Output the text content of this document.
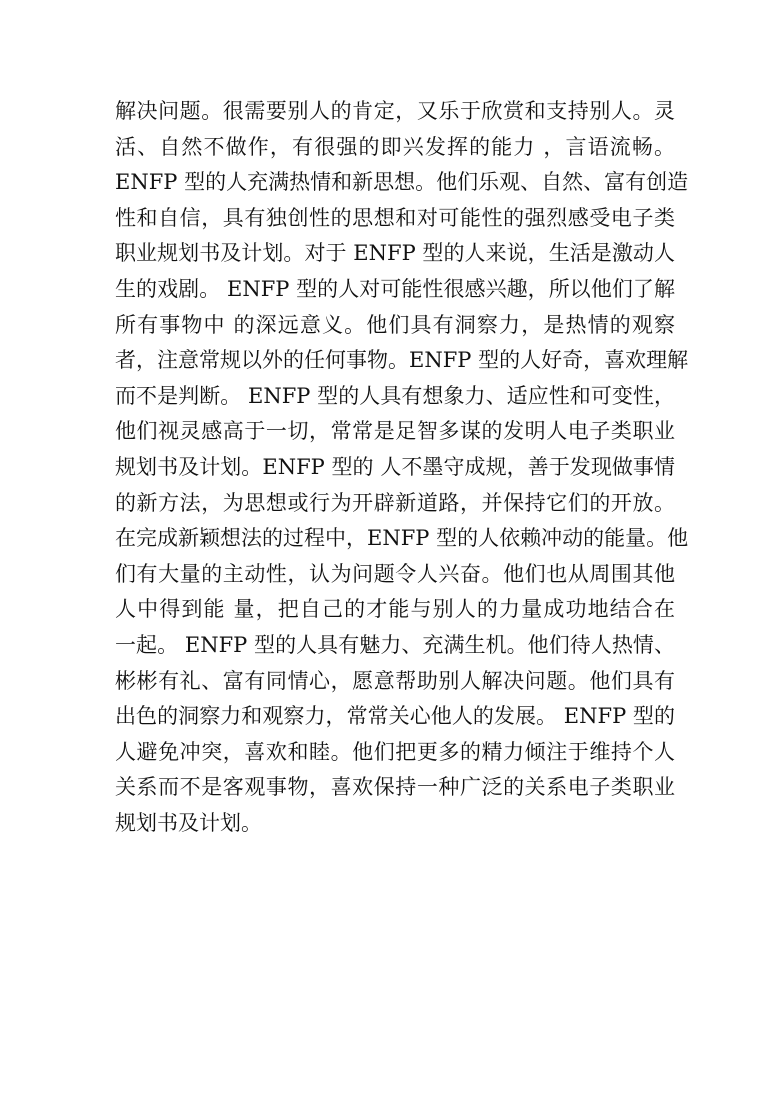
解决问题。很需要别人的肯定，又乐于欣赏和支持别人。灵
活、自然不做作，有很强的即兴发挥的能力 ，言语流畅。
ENFP 型的人充满热情和新思想。他们乐观、自然、富有创造
性和自信，具有独创性的思想和对可能性的强烈感受电子类
职业规划书及计划。对于 ENFP 型的人来说，生活是激动人
生的戏剧。 ENFP 型的人对可能性很感兴趣，所以他们了解
所有事物中 的深远意义。他们具有洞察力，是热情的观察
者，注意常规以外的任何事物。ENFP 型的人好奇，喜欢理解
而不是判断。 ENFP 型的人具有想象力、适应性和可变性，
他们视灵感高于一切，常常是足智多谋的发明人电子类职业
规划书及计划。ENFP 型的 人不墨守成规，善于发现做事情
的新方法，为思想或行为开辟新道路，并保持它们的开放。
在完成新颖想法的过程中，ENFP 型的人依赖冲动的能量。他
们有大量的主动性，认为问题令人兴奋。他们也从周围其他
人中得到能 量，把自己的才能与别人的力量成功地结合在
一起。 ENFP 型的人具有魅力、充满生机。他们待人热情、
彬彬有礼、富有同情心，愿意帮助别人解决问题。他们具有
出色的洞察力和观察力，常常关心他人的发展。 ENFP 型的
人避免冲突，喜欢和睦。他们把更多的精力倾注于维持个人
关系而不是客观事物，喜欢保持一种广泛的关系电子类职业
规划书及计划。
